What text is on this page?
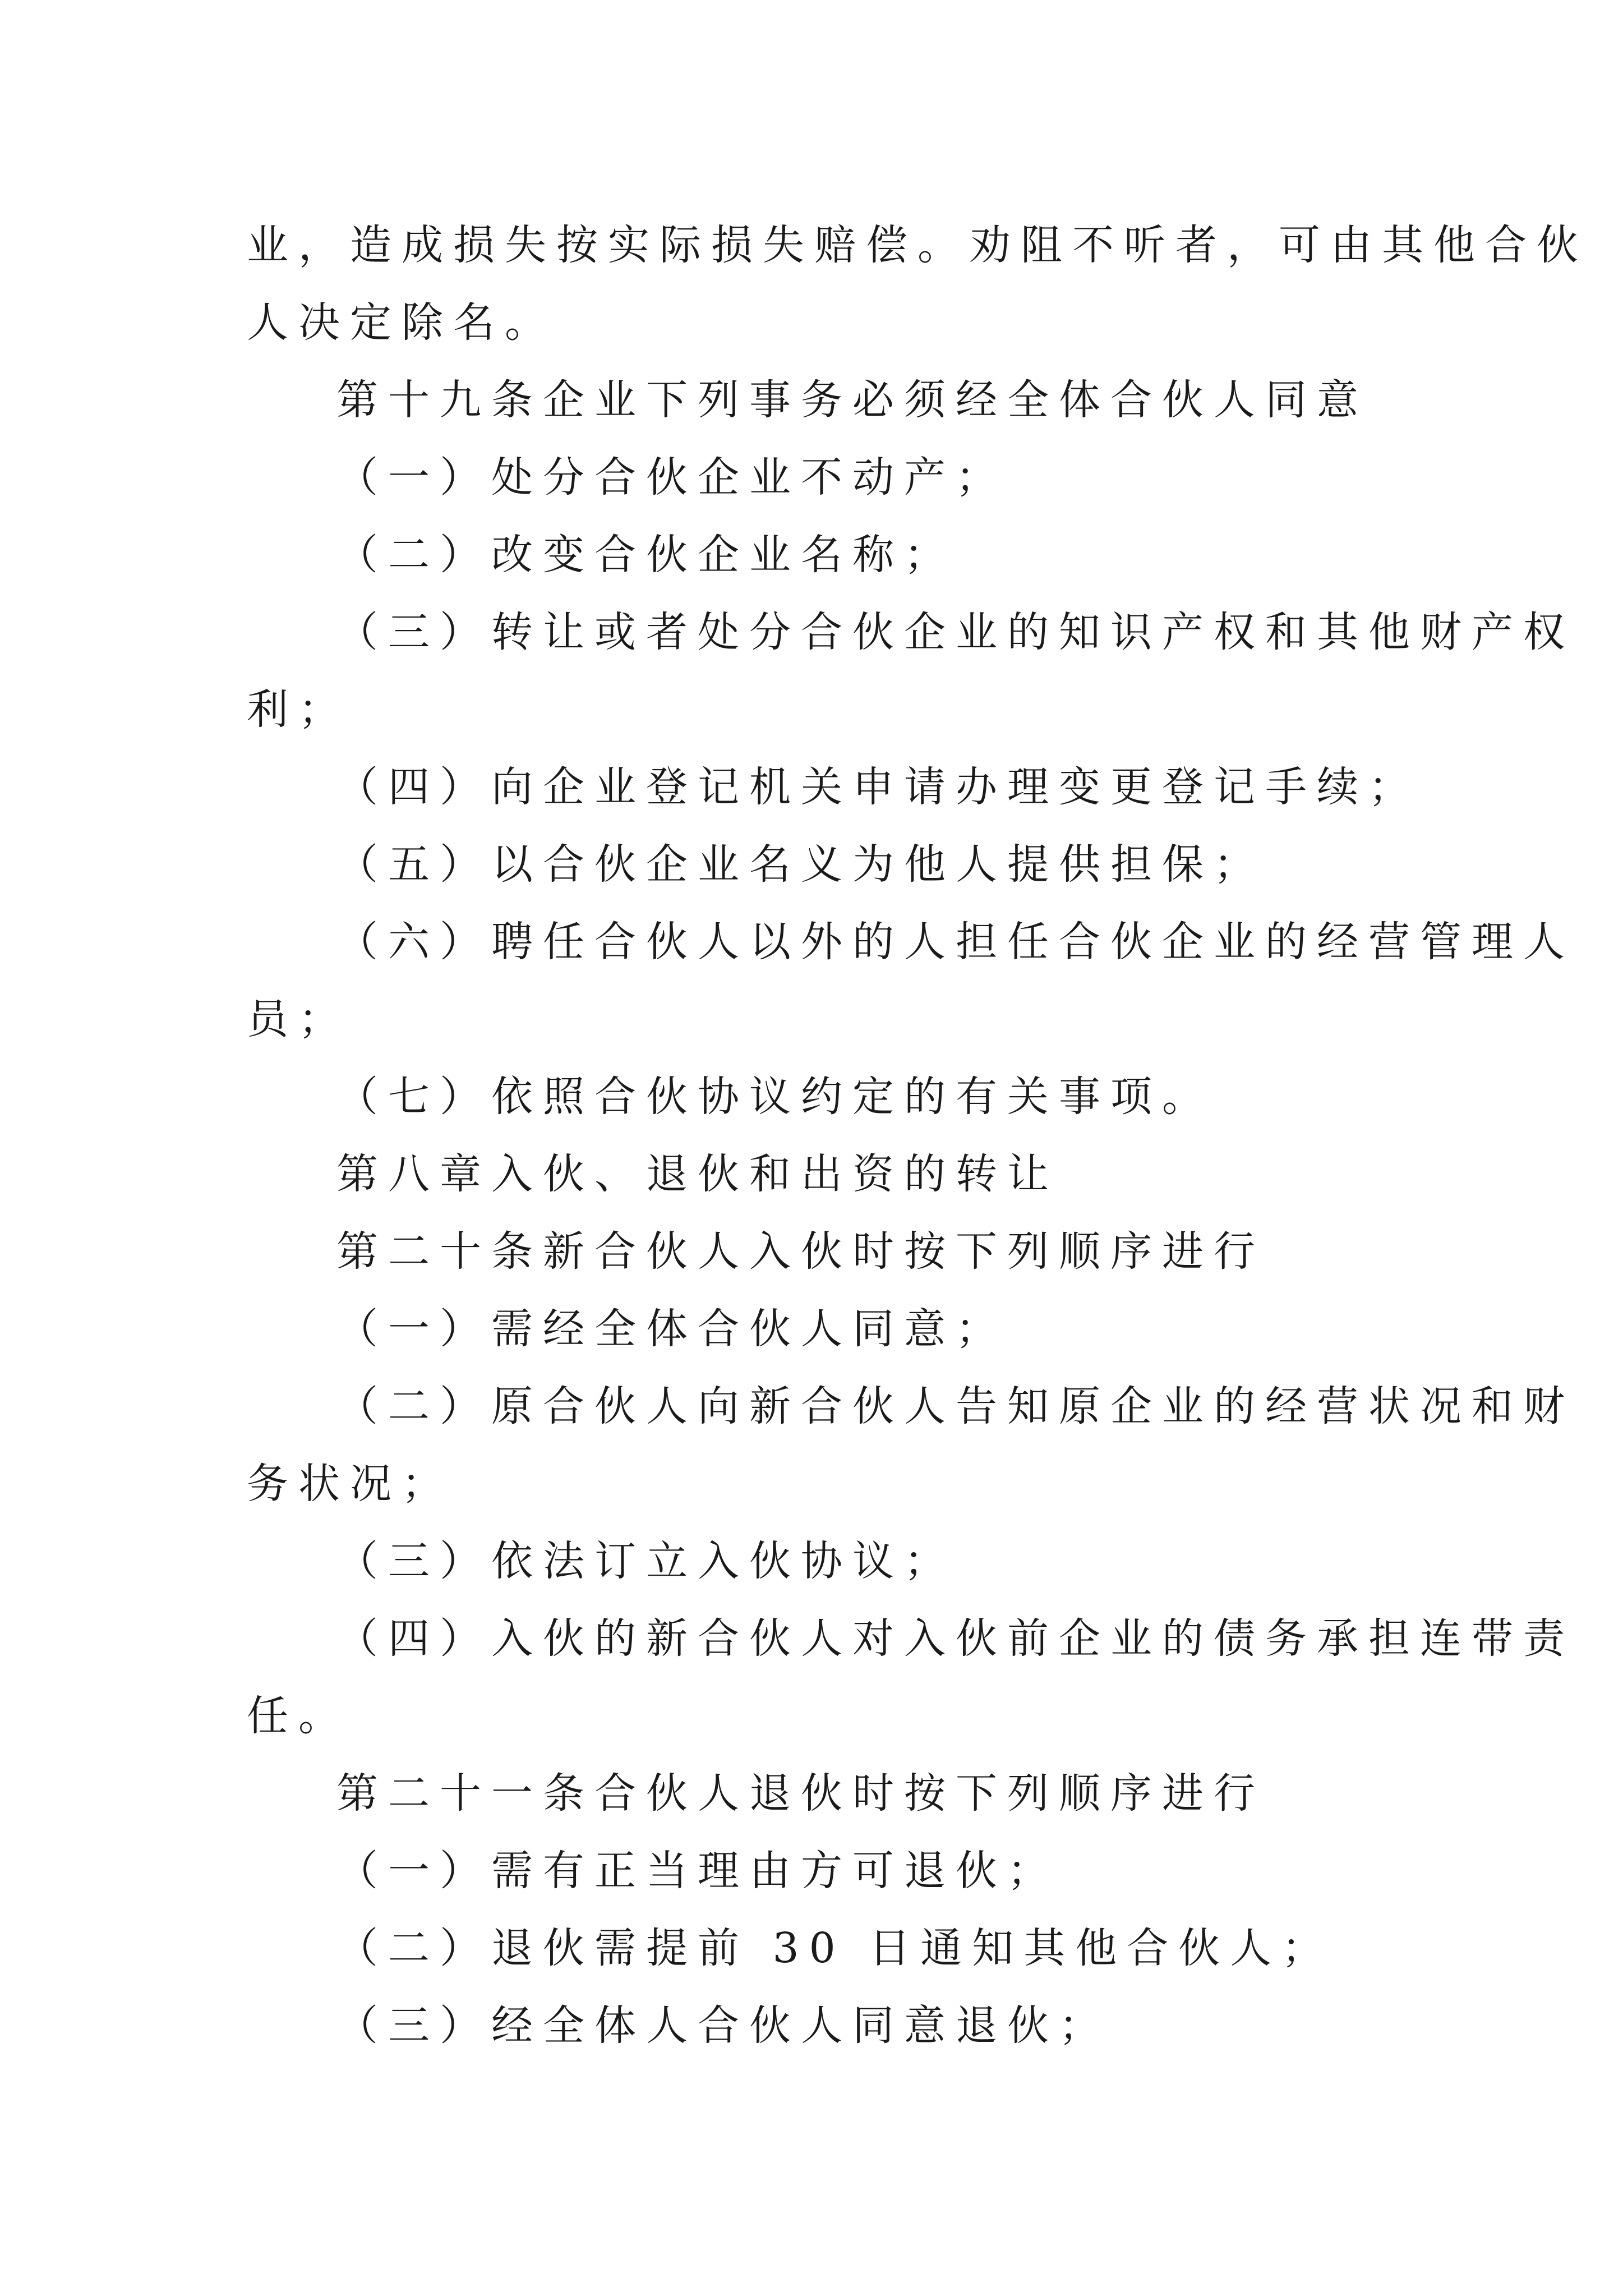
业，造成损失按实际损失赔偿。劝阻不听者，可由其他合伙
人决定除名。
第十九条企业下列事务必须经全体合伙人同意
（一）处分合伙企业不动产；
（二）改变合伙企业名称；
（三）转让或者处分合伙企业的知识产权和其他财产权
利；
（四）向企业登记机关申请办理变更登记手续；
（五）以合伙企业名义为他人提供担保；
（六）聘任合伙人以外的人担任合伙企业的经营管理人
员；
（七）依照合伙协议约定的有关事项。
第八章入伙、退伙和出资的转让
第二十条新合伙人入伙时按下列顺序进行
（一）需经全体合伙人同意；
（二）原合伙人向新合伙人告知原企业的经营状况和财
务状况；
（三）依法订立入伙协议；
（四）入伙的新合伙人对入伙前企业的债务承担连带责
任。
第二十一条合伙人退伙时按下列顺序进行
（一）需有正当理由方可退伙；
（二）退伙需提前 30 日通知其他合伙人；
（三）经全体人合伙人同意退伙；
